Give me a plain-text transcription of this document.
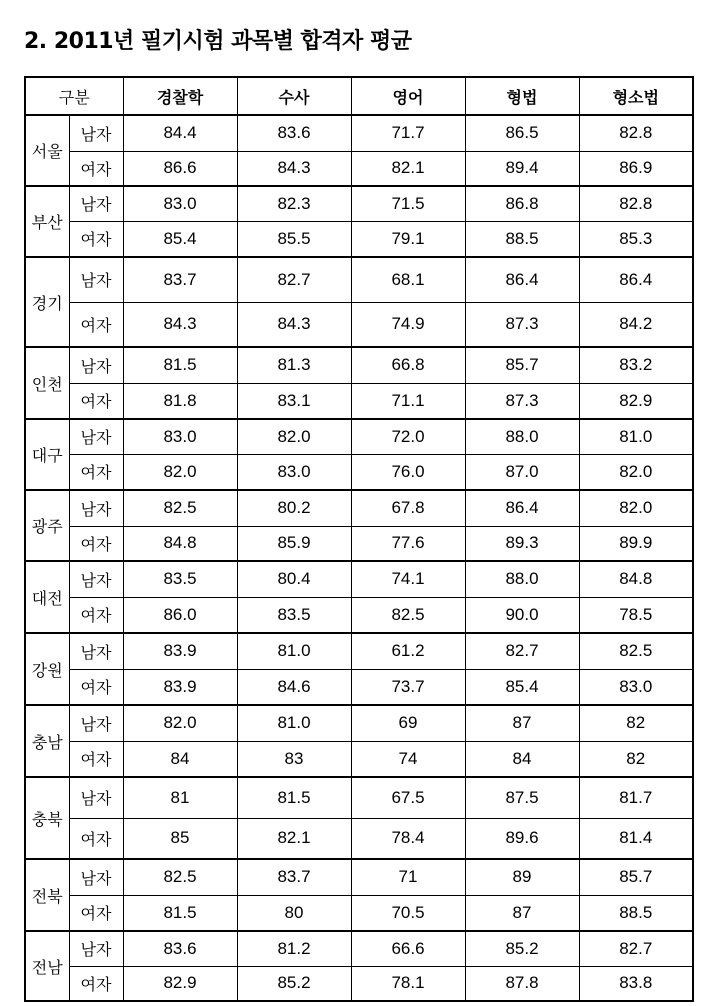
2. 2011년 필기시험 과목별 합격자 평균
구분		경찰학	수사	영어	형법	형소법
서울	남자	84.4	83.6	71.7	86.5	82.8
	여자	86.6	84.3	82.1	89.4	86.9
부산	남자	83.0	82.3	71.5	86.8	82.8
	여자	85.4	85.5	79.1	88.5	85.3
경기	남자	83.7	82.7	68.1	86.4	86.4
	여자	84.3	84.3	74.9	87.3	84.2
인천	남자	81.5	81.3	66.8	85.7	83.2
	여자	81.8	83.1	71.1	87.3	82.9
대구	남자	83.0	82.0	72.0	88.0	81.0
	여자	82.0	83.0	76.0	87.0	82.0
광주	남자	82.5	80.2	67.8	86.4	82.0
	여자	84.8	85.9	77.6	89.3	89.9
대전	남자	83.5	80.4	74.1	88.0	84.8
	여자	86.0	83.5	82.5	90.0	78.5
강원	남자	83.9	81.0	61.2	82.7	82.5
	여자	83.9	84.6	73.7	85.4	83.0
충남	남자	82.0	81.0	69	87	82
	여자	84	83	74	84	82
충북	남자	81	81.5	67.5	87.5	81.7
	여자	85	82.1	78.4	89.6	81.4
전북	남자	82.5	83.7	71	89	85.7
	여자	81.5	80	70.5	87	88.5
전남	남자	83.6	81.2	66.6	85.2	82.7
	여자	82.9	85.2	78.1	87.8	83.8
